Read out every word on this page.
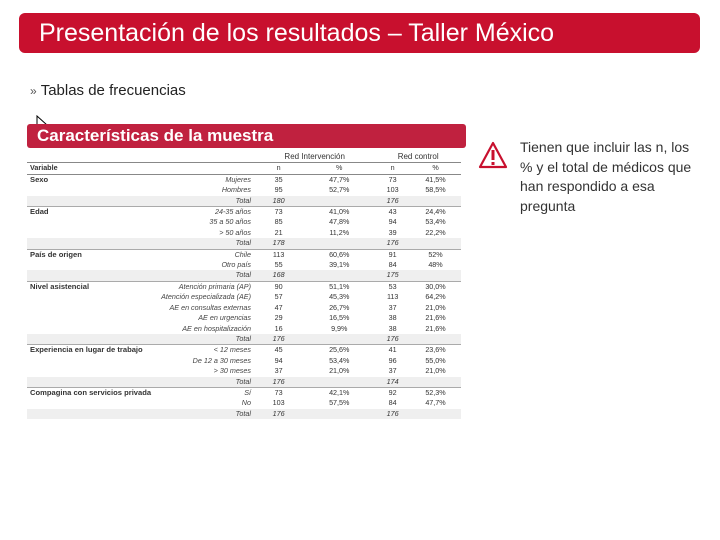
Presentación de los resultados – Taller México
» Tablas de frecuencias
Características de la muestra
		Red Intervención		Red control	
Variable		n	%	n	%
Sexo	Mujeres	35	47,7%	73	41,5%
	Hombres	95	52,7%	103	58,5%
	Total	180		176	
Edad	24-35 años	73	41,0%	43	24,4%
	35 a 50 años	85	47,8%	94	53,4%
	> 50 años	21	11,2%	39	22,2%
	Total	178		176	
País de origen	Chile	113	60,6%	91	52%
	Otro país	55	39,1%	84	48%
	Total	168		175	
Nivel asistencial	Atención primaria (AP)	90	51,1%	53	30,0%
	Atención especializada (AE)	57	45,3%	113	64,2%
	AE en consultas externas	47	26,7%	37	21,0%
	AE en urgencias	29	16,5%	38	21,6%
	AE en hospitalización	16	9,9%	38	21,6%
	Total	176		176	
Experiencia en lugar de trabajo	< 12 meses	45	25,6%	41	23,6%
	De 12 a 30 meses	94	53,4%	96	55,0%
	> 30 meses	37	21,0%	37	21,0%
	Total	176		174	
Compagina con servicios privada	Sí	73	42,1%	92	52,3%
	No	103	57,5%	84	47,7%
	Total	176		176	
Tienen que incluir las n, los % y el total de médicos que han respondido a esa pregunta
